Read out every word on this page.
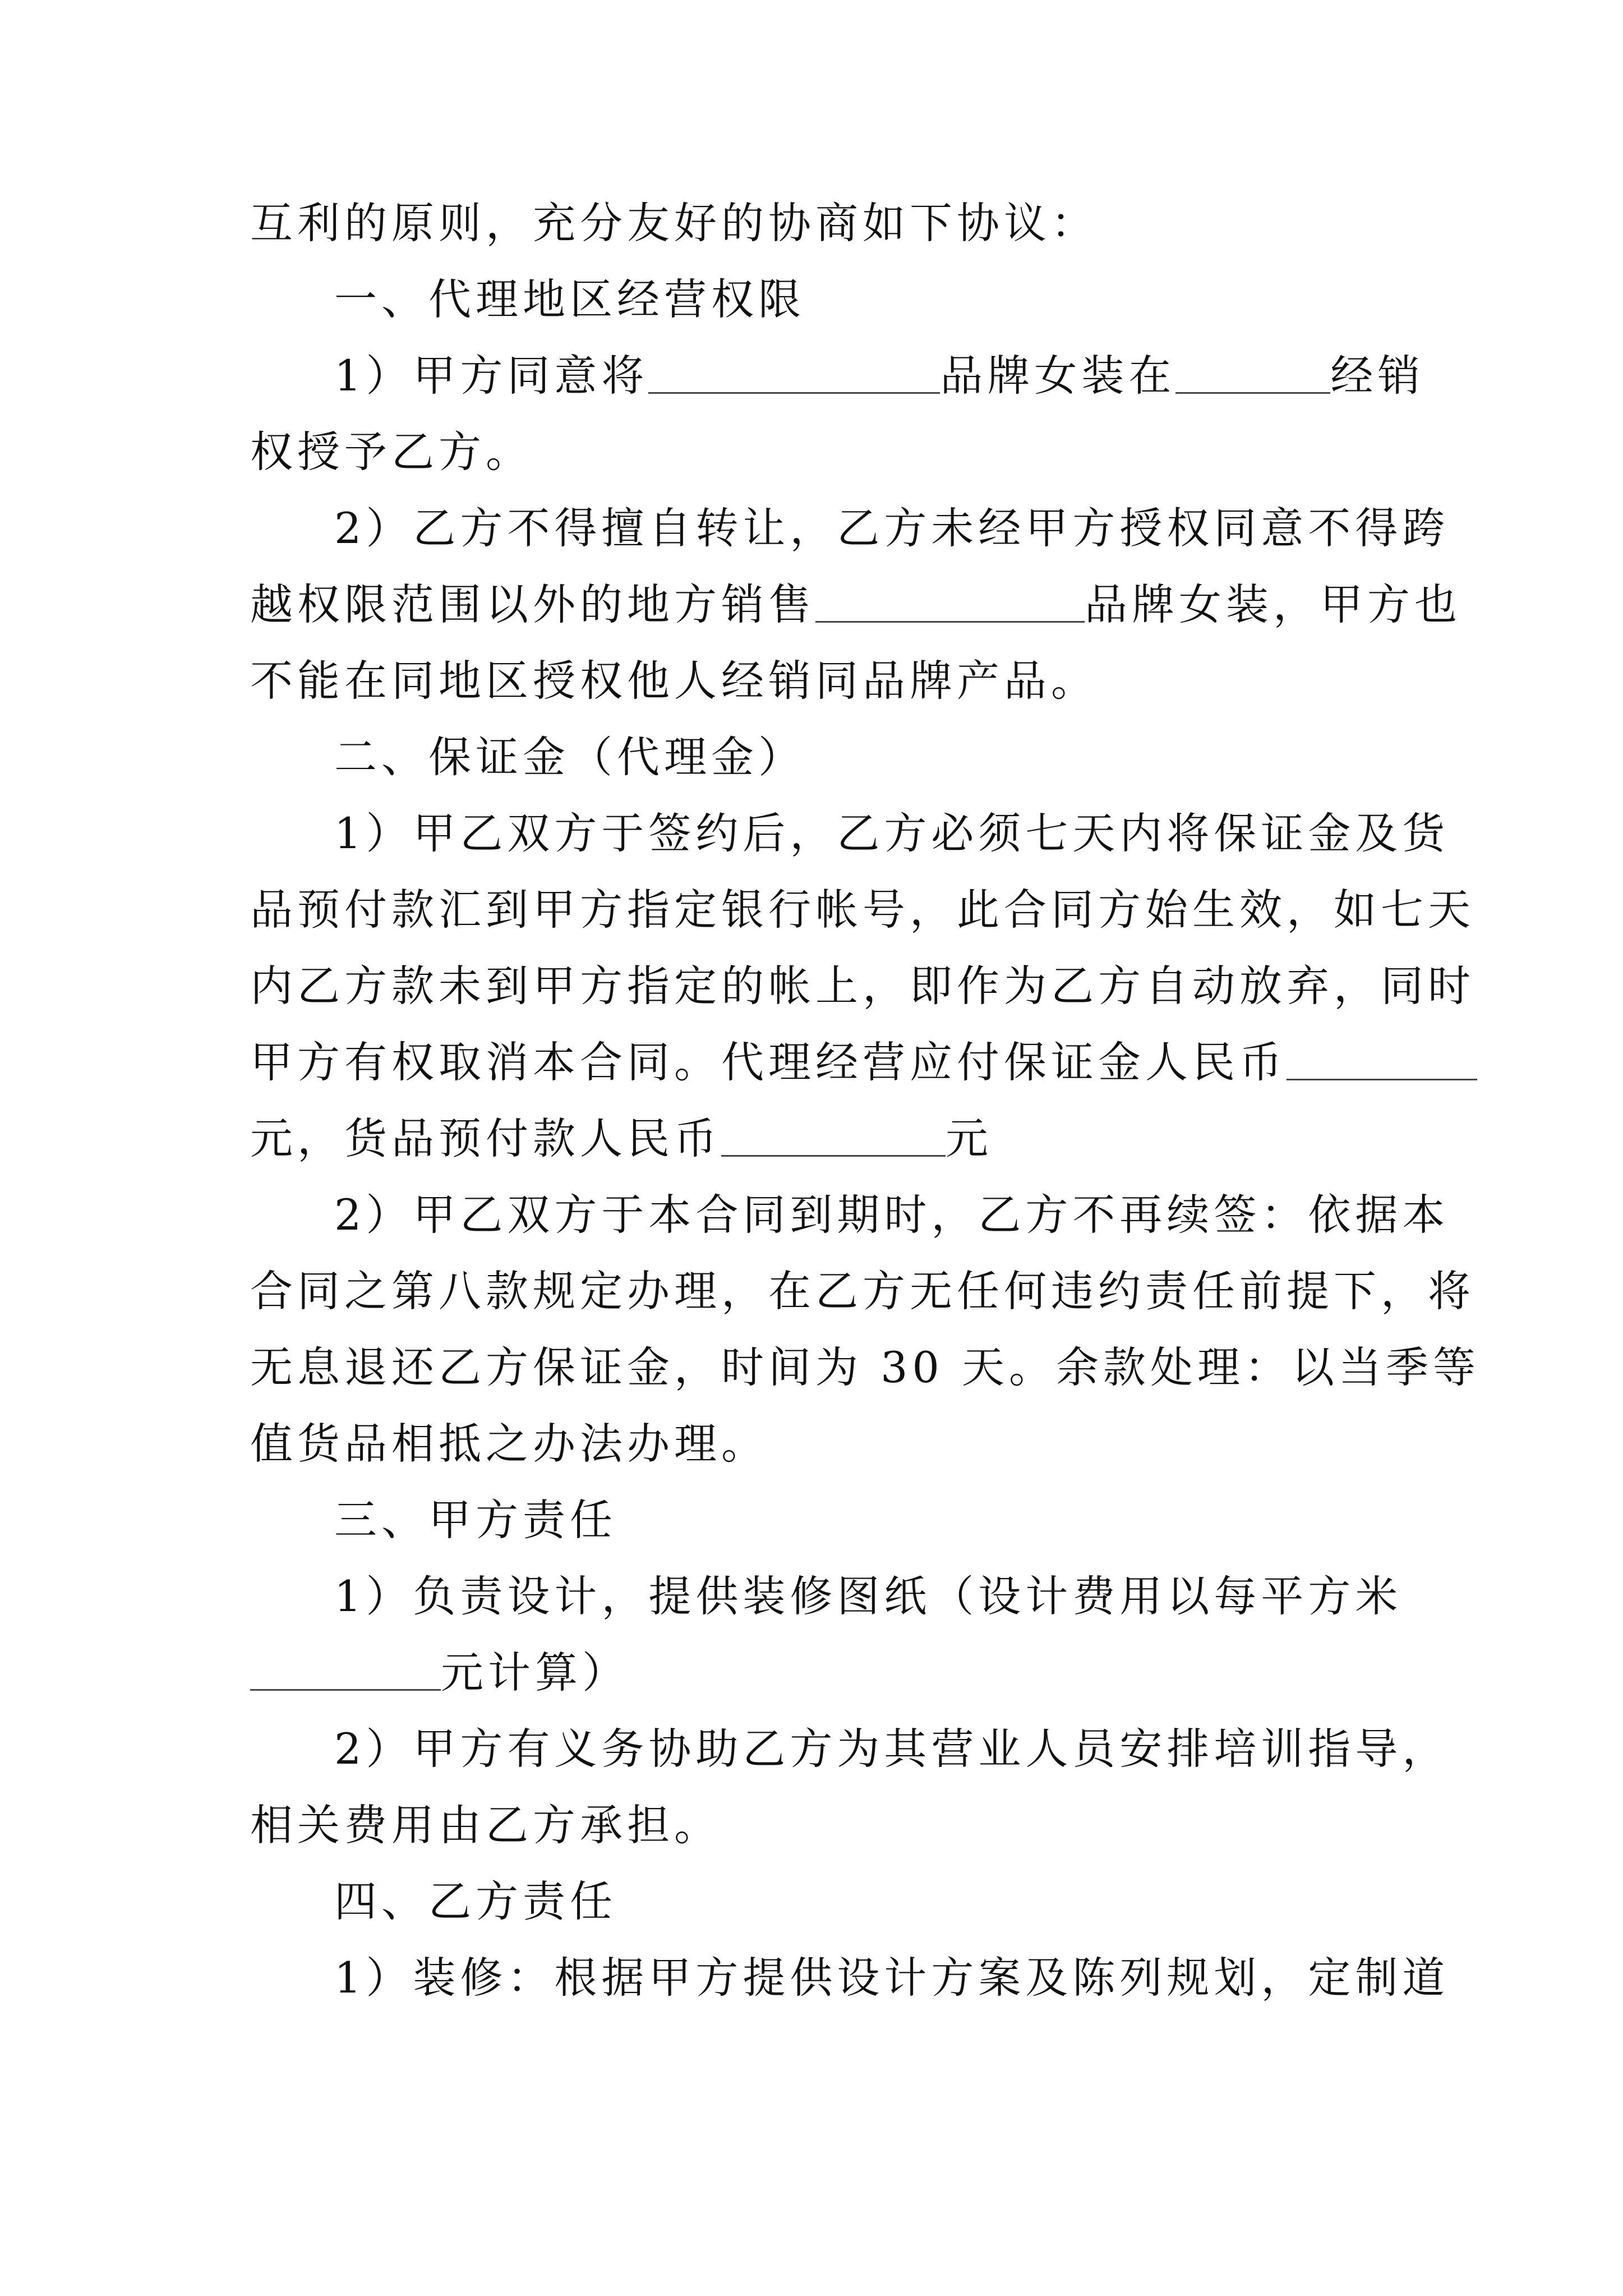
互利的原则，充分友好的协商如下协议：
一、代理地区经营权限
1）甲方同意将	品牌女装在	经销
权授予乙方。
2）乙方不得擅自转让，乙方未经甲方授权同意不得跨
越权限范围以外的地方销售	品牌女装，甲方也
不能在同地区授权他人经销同品牌产品。
二、保证金（代理金）
1）甲乙双方于签约后，乙方必须七天内将保证金及货
品预付款汇到甲方指定银行帐号，此合同方始生效，如七天
内乙方款未到甲方指定的帐上，即作为乙方自动放弃，同时
甲方有权取消本合同。代理经营应付保证金人民币
元，货品预付款人民币	元
2）甲乙双方于本合同到期时，乙方不再续签：依据本
合同之第八款规定办理，在乙方无任何违约责任前提下，将
无息退还乙方保证金，时间为 30 天。余款处理：以当季等
值货品相抵之办法办理。
三、甲方责任
1）负责设计，提供装修图纸（设计费用以每平方米
元计算）
2）甲方有义务协助乙方为其营业人员安排培训指导，
相关费用由乙方承担。
四、乙方责任
1）装修：根据甲方提供设计方案及陈列规划，定制道
